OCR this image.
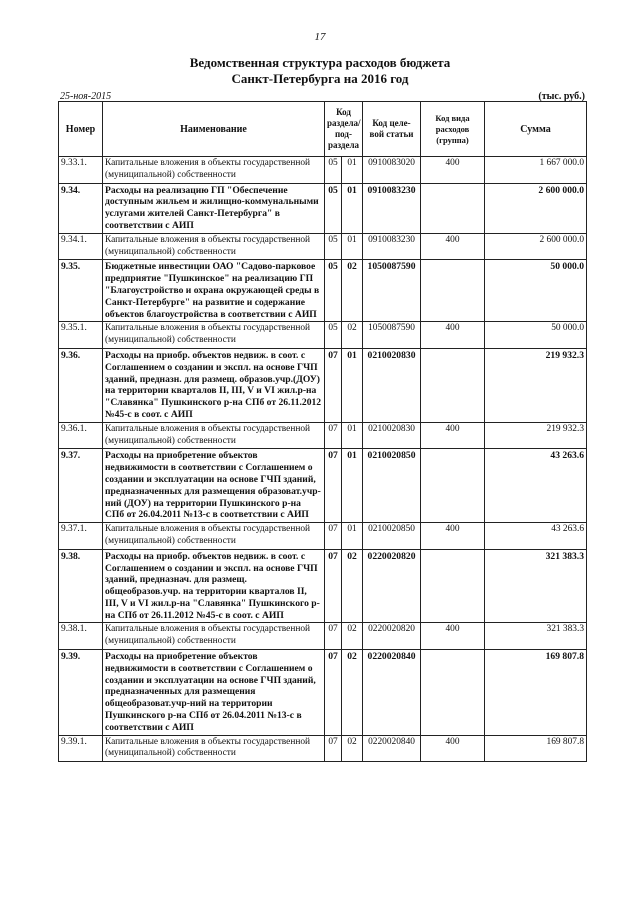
17
Ведомственная структура расходов бюджета
Санкт-Петербурга на 2016 год
25-ноя-2015	(тыс. руб.)
Номер	Наименование	Код раздела/ под- раздела		Код целе- вой статьи	Код вида расходов (группа)	Сумма
9.33.1.	Капитальные вложения в объекты государственной (муниципальной) собственности	05	01	0910083020	400	1 667 000.0
9.34.	Расходы на реализацию ГП "Обеспечение доступным жильем и жилищно-коммунальными услугами жителей Санкт-Петербурга" в соответствии с АИП	05	01	0910083230		2 600 000.0
9.34.1.	Капитальные вложения в объекты государственной (муниципальной) собственности	05	01	0910083230	400	2 600 000.0
9.35.	Бюджетные инвестиции ОАО "Садово-парковое предприятие "Пушкинское" на реализацию ГП "Благоустройство и охрана окружающей среды в Санкт-Петербурге" на развитие и содержание объектов благоустройства в соответствии с АИП	05	02	1050087590		50 000.0
9.35.1.	Капитальные вложения в объекты государственной (муниципальной) собственности	05	02	1050087590	400	50 000.0
9.36.	Расходы на приобр. объектов недвиж. в соот. с Соглашением о создании и экспл. на основе ГЧП зданий, предназн. для размещ. образов.учр.(ДОУ) на территории кварталов II, III, V и VI жил.р-на "Славянка" Пушкинского р-на СПб от 26.11.2012 №45-с в соот. с АИП	07	01	0210020830		219 932.3
9.36.1.	Капитальные вложения в объекты государственной (муниципальной) собственности	07	01	0210020830	400	219 932.3
9.37.	Расходы на приобретение объектов недвижимости в соответствии с Соглашением о создании и эксплуатации на основе ГЧП зданий, предназначенных для размещения образоват.учр-ний (ДОУ) на территории Пушкинского р-на СПб от 26.04.2011 №13-с в соответствии с АИП	07	01	0210020850		43 263.6
9.37.1.	Капитальные вложения в объекты государственной (муниципальной) собственности	07	01	0210020850	400	43 263.6
9.38.	Расходы на приобр. объектов недвиж. в соот. с Соглашением о создании и экспл. на основе ГЧП зданий, предназнач. для размещ. общеобразов.учр. на территории кварталов II, III, V и VI жил.р-на "Славянка" Пушкинского р-на СПб от 26.11.2012 №45-с в соот. с АИП	07	02	0220020820		321 383.3
9.38.1.	Капитальные вложения в объекты государственной (муниципальной) собственности	07	02	0220020820	400	321 383.3
9.39.	Расходы на приобретение объектов недвижимости в соответствии с Соглашением о создании и эксплуатации на основе ГЧП зданий, предназначенных для размещения общеобразоват.учр-ний на территории Пушкинского р-на СПб от 26.04.2011 №13-с в соответствии с АИП	07	02	0220020840		169 807.8
9.39.1.	Капитальные вложения в объекты государственной (муниципальной) собственности	07	02	0220020840	400	169 807.8
